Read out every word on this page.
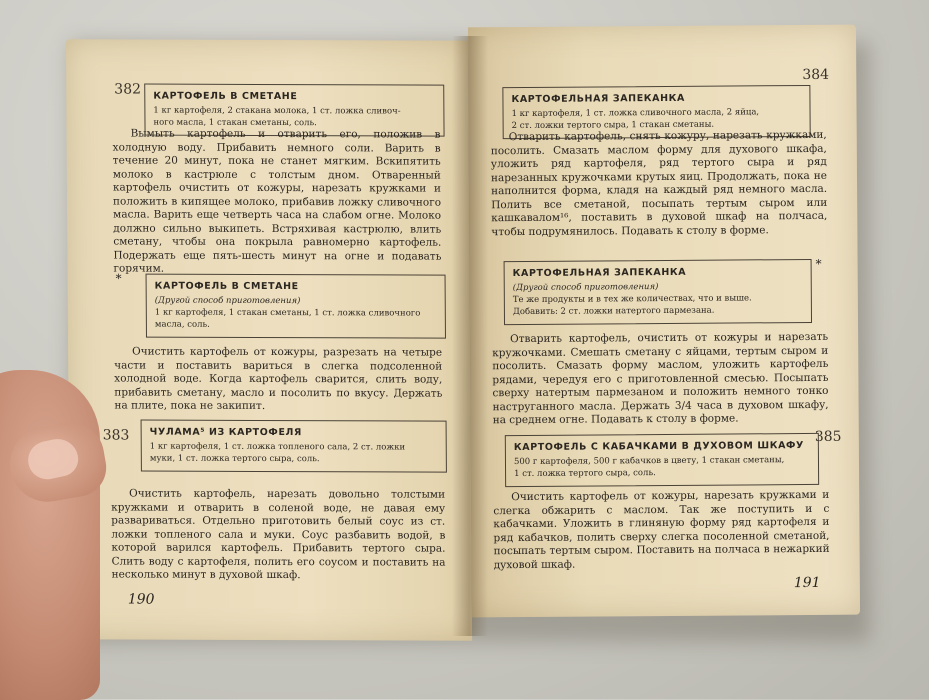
382 КАРТОФЕЛЬ В СМЕТАНЕ
1 кг картофеля, 2 стакана молока, 1 ст. ложка сливоч-
ного масла, 1 стакан сметаны, соль.
Вымыть картофель и отварить его, положив в холодную воду. Прибавить немного соли. Варить в течение 20 минут, пока не станет мягким. Вскипятить молоко в кастрюле с толстым дном. Отваренный картофель очистить от кожуры, нарезать кружками и положить в кипящее молоко, прибавив ложку сливочного масла. Варить еще четверть часа на слабом огне. Молоко должно сильно выкипеть. Встряхивая кастрюлю, влить сметану, чтобы она покрыла равномерно картофель. Подержать еще пять-шесть минут на огне и подавать горячим.
*
КАРТОФЕЛЬ В СМЕТАНЕ
(Другой способ приготовления)
1 кг картофеля, 1 стакан сметаны, 1 ст. ложка сливочного
масла, соль.
Очистить картофель от кожуры, разрезать на четыре части и поставить вариться в слегка подсоленной холодной воде. Когда картофель сварится, слить воду, прибавить сметану, масло и посолить по вкусу. Держать на плите, пока не закипит.
383 ЧУЛАМА⁵ ИЗ КАРТОФЕЛЯ
1 кг картофеля, 1 ст. ложка топленого сала, 2 ст. ложки
муки, 1 ст. ложка тертого сыра, соль.
Очистить картофель, нарезать довольно толстыми кружками и отварить в соленой воде, не давая ему развариваться. Отдельно приготовить белый соус из ст. ложки топленого сала и муки. Соус разбавить водой, в которой варился картофель. Прибавить тертого сыра. Слить воду с картофеля, полить его соусом и поставить на несколько минут в духовой шкаф.
190
384
КАРТОФЕЛЬНАЯ ЗАПЕКАНКА
1 кг картофеля, 1 ст. ложка сливочного масла, 2 яйца,
2 ст. ложки тертого сыра, 1 стакан сметаны.
Отварить картофель, снять кожуру, нарезать кружками, посолить. Смазать маслом форму для духового шкафа, уложить ряд картофеля, ряд тертого сыра и ряд нарезанных кружочками крутых яиц. Продолжать, пока не наполнится форма, кладя на каждый ряд немного масла. Полить все сметаной, посыпать тертым сыром или кашкавалом¹⁶, поставить в духовой шкаф на полчаса, чтобы подрумянилось. Подавать к столу в форме.
*
КАРТОФЕЛЬНАЯ ЗАПЕКАНКА
(Другой способ приготовления)
Те же продукты и в тех же количествах, что и выше.
Добавить: 2 ст. ложки натертого пармезана.
Отварить картофель, очистить от кожуры и нарезать кружочками. Смешать сметану с яйцами, тертым сыром и посолить. Смазать форму маслом, уложить картофель рядами, чередуя его с приготовленной смесью. Посыпать сверху натертым пармезаном и положить немного тонко наструганного масла. Держать 3/4 часа в духовом шкафу, на среднем огне. Подавать к столу в форме.
385
КАРТОФЕЛЬ С КАБАЧКАМИ В ДУХОВОМ ШКАФУ
500 г картофеля, 500 г кабачков в цвету, 1 стакан сметаны,
1 ст. ложка тертого сыра, соль.
Очистить картофель от кожуры, нарезать кружками и слегка обжарить с маслом. Так же поступить и с кабачками. Уложить в глиняную форму ряд картофеля и ряд кабачков, полить сверху слегка посоленной сметаной, посыпать тертым сыром. Поставить на полчаса в нежаркий духовой шкаф.
191
